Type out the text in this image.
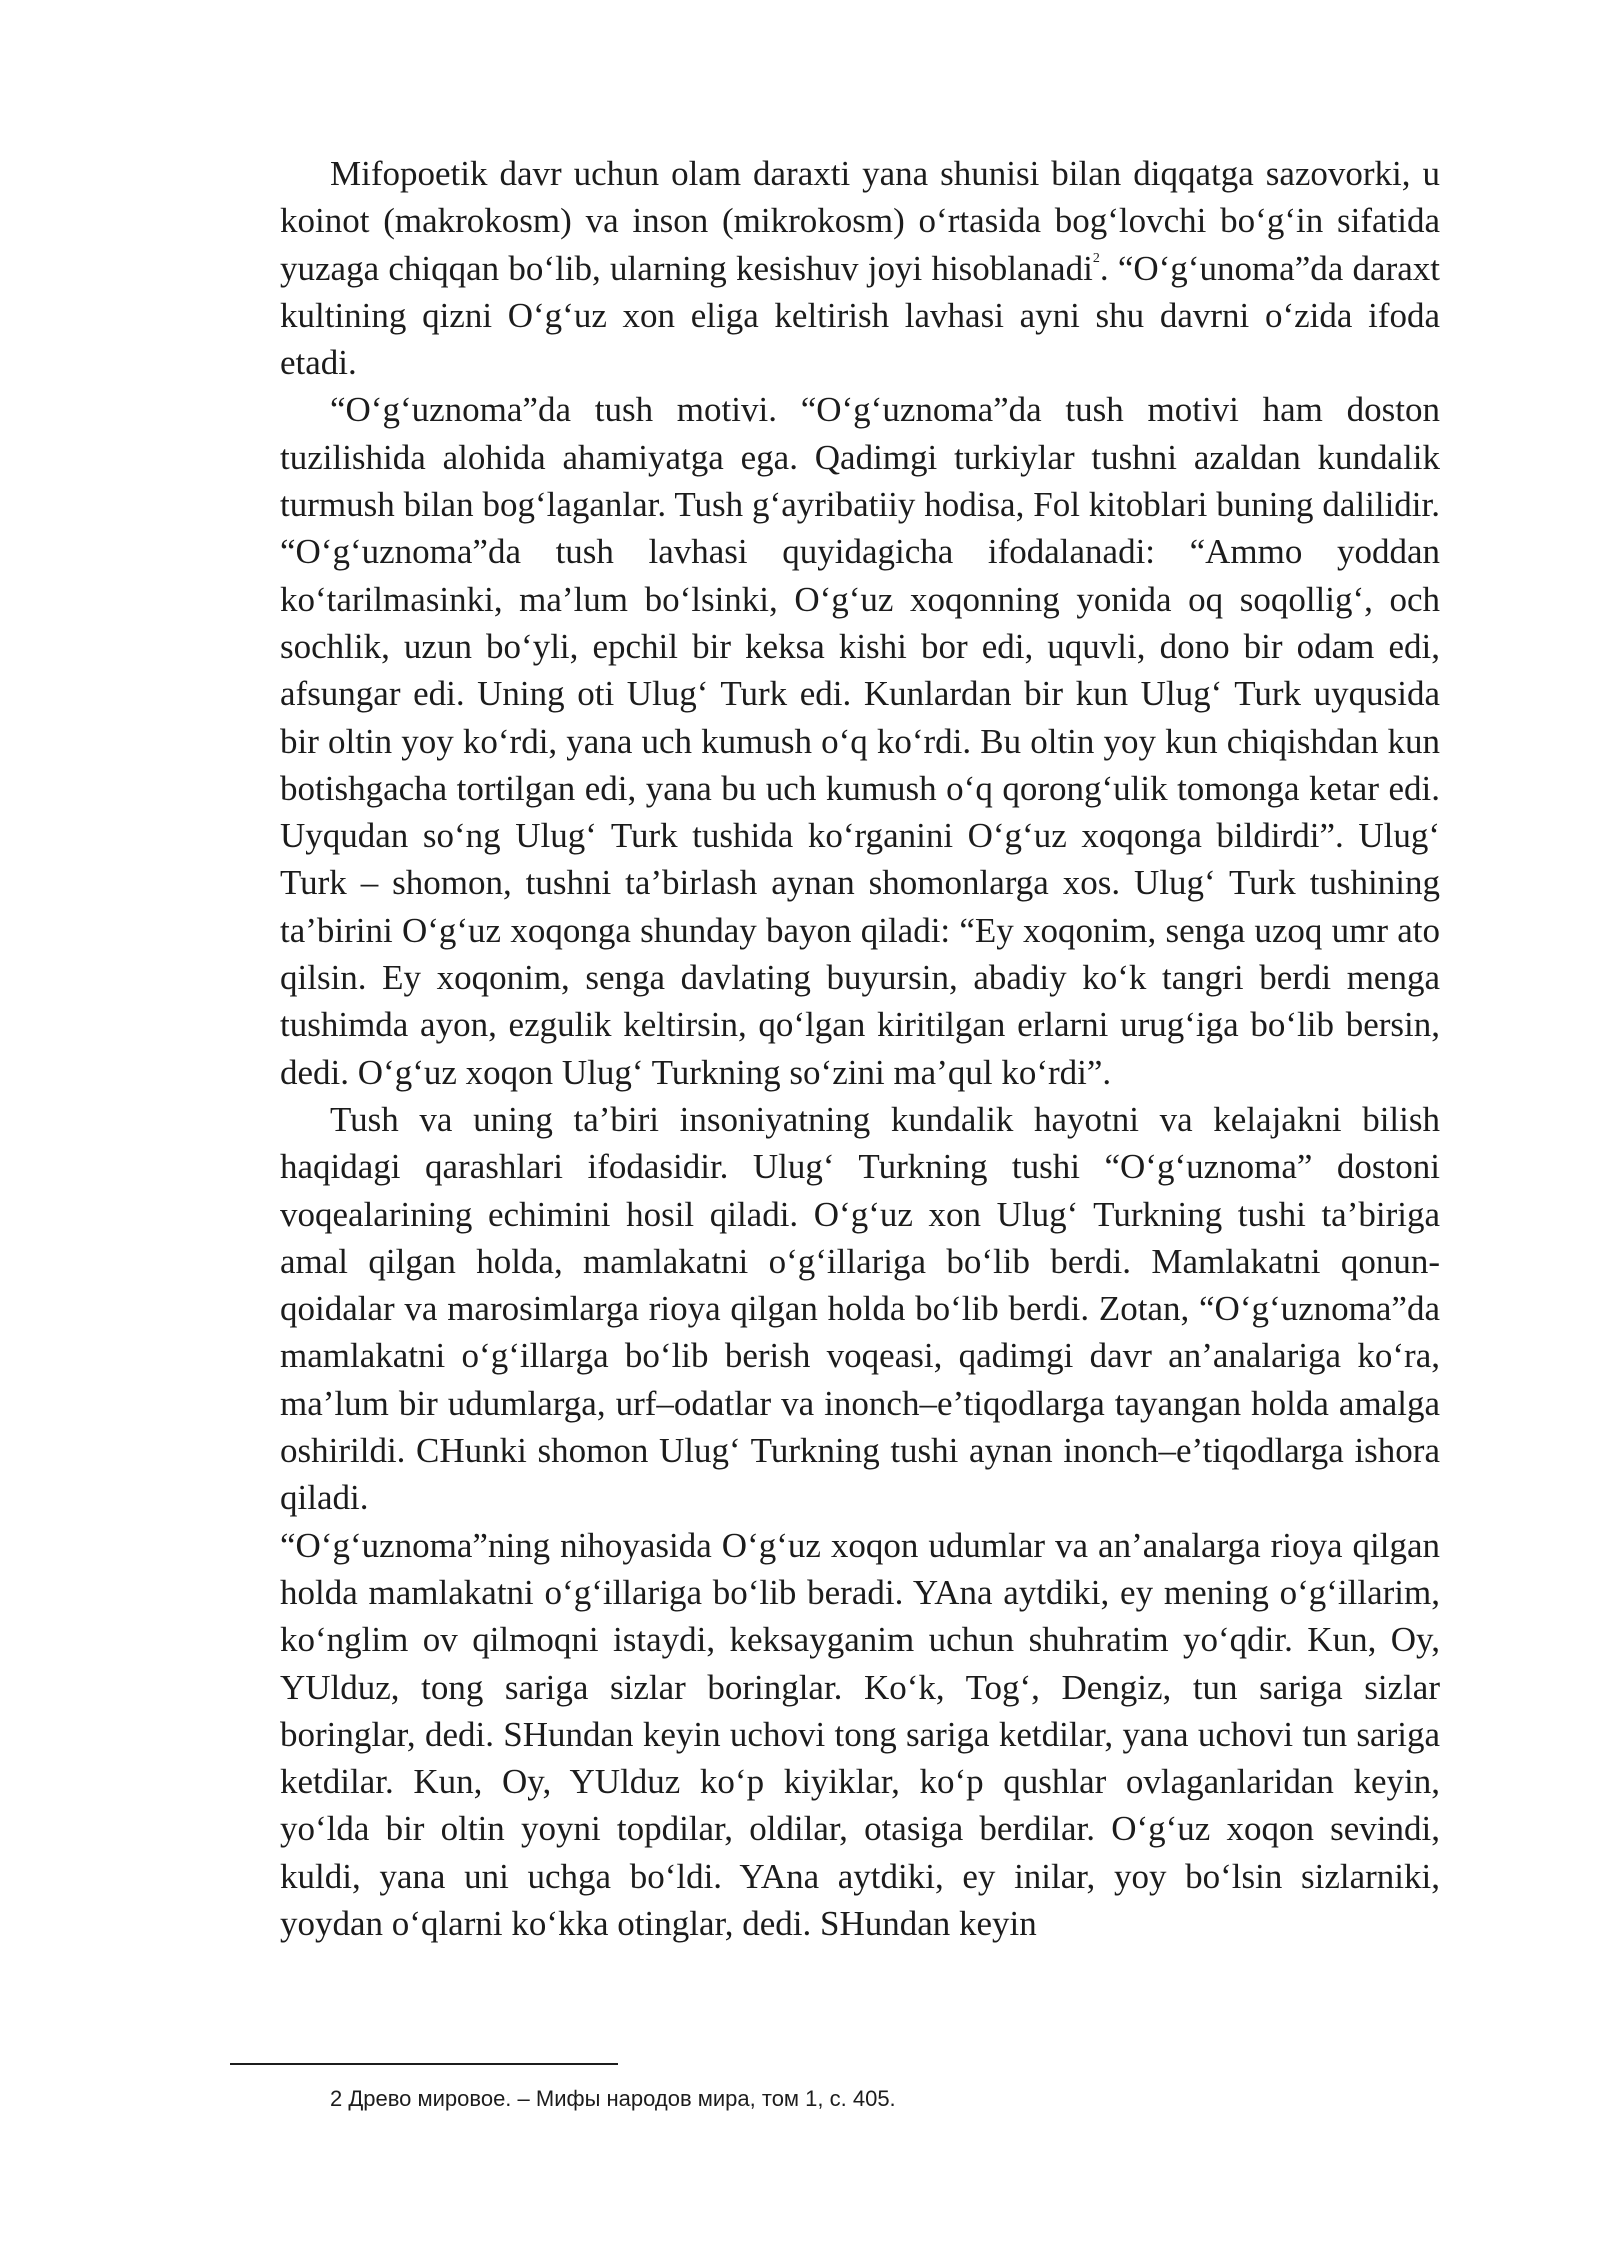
Mifopoetik davr uchun olam daraxti yana shunisi bilan diqqatga sazovorki, u koinot (makrokosm) va inson (mikrokosm) oʻrtasida bogʻlovchi boʻgʻin sifatida yuzaga chiqqan boʻlib, ularning kesishuv joyi hisoblanadi$^2$. “Oʻgʻunoma”da daraxt kultining qizni Oʻgʻuz xon eliga keltirish lavhasi ayni shu davrni oʻzida ifoda etadi.

“Oʻgʻuznoma”da tush motivi. “Oʻgʻuznoma”da tush motivi ham doston tuzilishida alohida ahamiyatga ega. Qadimgi turkiylar tushni azaldan kundalik turmush bilan bogʻlaganlar. Tush gʻayribatiiy hodisa, Fol kitoblari buning dalilidir. “Oʻgʻuznoma”da tush lavhasi quyidagicha ifodalanadi: “Ammo yoddan koʻtarilmasinki, ma’lum boʻlsinki, Oʻgʻuz xoqonning yonida oq soqolligʻ, och sochlik, uzun boʻyli, epchil bir keksa kishi bor edi, uquvli, dono bir odam edi, afsungar edi. Uning oti Ulugʻ Turk edi. Kunlardan bir kun Ulugʻ Turk uyqusida bir oltin yoy koʻrdi, yana uch kumush oʻq koʻrdi. Bu oltin yoy kun chiqishdan kun botishgacha tortilgan edi, yana bu uch kumush oʻq qorongʻulik tomonga ketar edi. Uyqudan soʻng Ulugʻ Turk tushida koʻrganini Oʻgʻuz xoqonga bildirdi”. Ulugʻ Turk – shomon, tushni ta’birlash aynan shomonlarga xos. Ulugʻ Turk tushining ta’birini Oʻgʻuz xoqonga shunday bayon qiladi: “Ey xoqonim, senga uzoq umr ato qilsin. Ey xoqonim, senga davlating buyursin, abadiy koʻk tangri berdi menga tushimda ayon, ezgulik keltirsin, qoʻlgan kiritilgan erlarni urugʻiga boʻlib bersin, dedi. Oʻgʻuz xoqon Ulugʻ Turkning soʻzini ma’qul koʻrdi”.

Tush va uning ta’biri insoniyatning kundalik hayotni va kelajakni bilish haqidagi qarashlari ifodasidir. Ulugʻ Turkning tushi “Oʻgʻuznoma” dostoni voqealarining echimini hosil qiladi. Oʻgʻuz xon Ulugʻ Turkning tushi ta’biriga amal qilgan holda, mamlakatni oʻgʻillariga boʻlib berdi. Mamlakatni qonun-qoidalar va marosimlarga rioya qilgan holda boʻlib berdi. Zotan, “Oʻgʻuznoma”da mamlakatni oʻgʻillarga boʻlib berish voqeasi, qadimgi davr an’analariga koʻra, ma’lum bir udumlarga, urf–odatlar va inonch–e’tiqodlarga tayangan holda amalga oshirildi. CHunki shomon Ulugʻ Turkning tushi aynan inonch–e’tiqodlarga ishora qiladi.

“Oʻgʻuznoma”ning nihoyasida Oʻgʻuz xoqon udumlar va an’analarga rioya qilgan holda mamlakatni oʻgʻillariga boʻlib beradi. YAna aytdiki, ey mening oʻgʻillarim, koʻnglim ov qilmoqni istaydi, keksayganim uchun shuhratim yoʻqdir. Kun, Oy, YUlduz, tong sariga sizlar boringlar. Koʻk, Togʻ, Dengiz, tun sariga sizlar boringlar, dedi. SHundan keyin uchovi tong sariga ketdilar, yana uchovi tun sariga ketdilar. Kun, Oy, YUlduz koʻp kiyiklar, koʻp qushlar ovlaganlaridan keyin, yoʻlda bir oltin yoyni topdilar, oldilar, otasiga berdilar. Oʻgʻuz xoqon sevindi, kuldi, yana uni uchga boʻldi. YAna aytdiki, ey inilar, yoy boʻlsin sizlarniki, yoydan oʻqlarni koʻkka otinglar, dedi. SHundan keyin

2 Древо мировое. – Мифы народов мира, том 1, с. 405.
